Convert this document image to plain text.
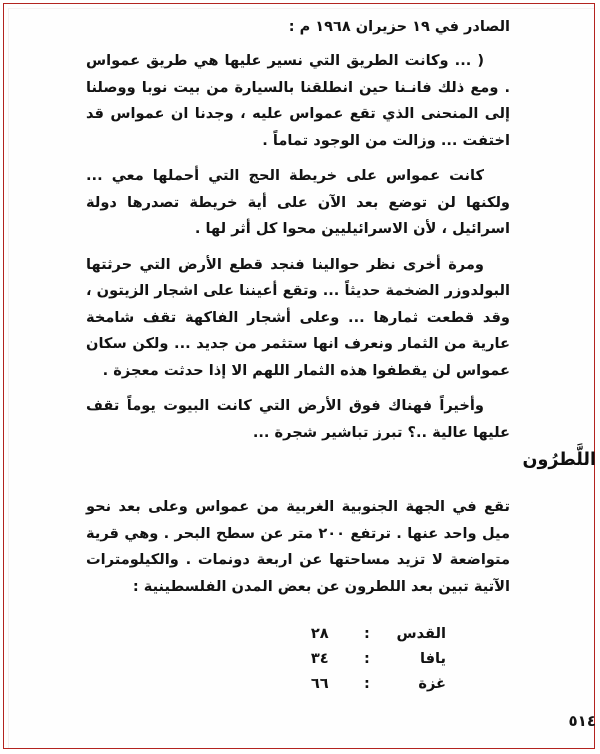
الصادر في ١٩ حزيران ١٩٦٨ م :

( ... وكانت الطريق التي نسير عليها هي طريق عمواس . ومع ذلك فانـنا حين انطلقنا بالسيارة من بيت نوبا ووصلنا إلى المنحنى الذي تقع عمواس عليه ، وجدنا ان عمواس قد اختفت ... وزالت من الوجود تماماً .

كانت عمواس على خريطة الحج التي أحملها معي ... ولكنها لن توضع بعد الآن على أية خريطة تصدرها دولة اسرائيل ، لأن الاسرائيليين محوا كل أثر لها .

ومرة أخرى نظر حوالينا فنجد قطع الأرض التي حرثتها البولدوزر الضخمة حديثاً ... وتقع أعيننا على اشجار الزيتون ، وقد قطعت ثمارها ... وعلى أشجار الفاكهة تقف شامخة عارية من الثمار ونعرف انها ستثمر من جديد ... ولكن سكان عمواس لن يقطفوا هذه الثمار اللهم الا إذا حدثت معجزة .

وأخيراً فهناك فوق الأرض التي كانت البيوت يوماً تقف عليها عالية ..؟ تبرز تباشير شجرة ...

اللَّطرُون

تقع في الجهة الجنوبية الغربية من عمواس وعلى بعد نحو ميل واحد عنها . ترتفع ٢٠٠ متر عن سطح البحر . وهي قرية متواضعة لا تزيد مساحتها عن اربعة دونمات . والكيلومترات الآتية تبين بعد اللطرون عن بعض المدن الفلسطينية :

القدس	:	٢٨
يافا	:	٣٤
غزة	:	٦٦
٥١٤
